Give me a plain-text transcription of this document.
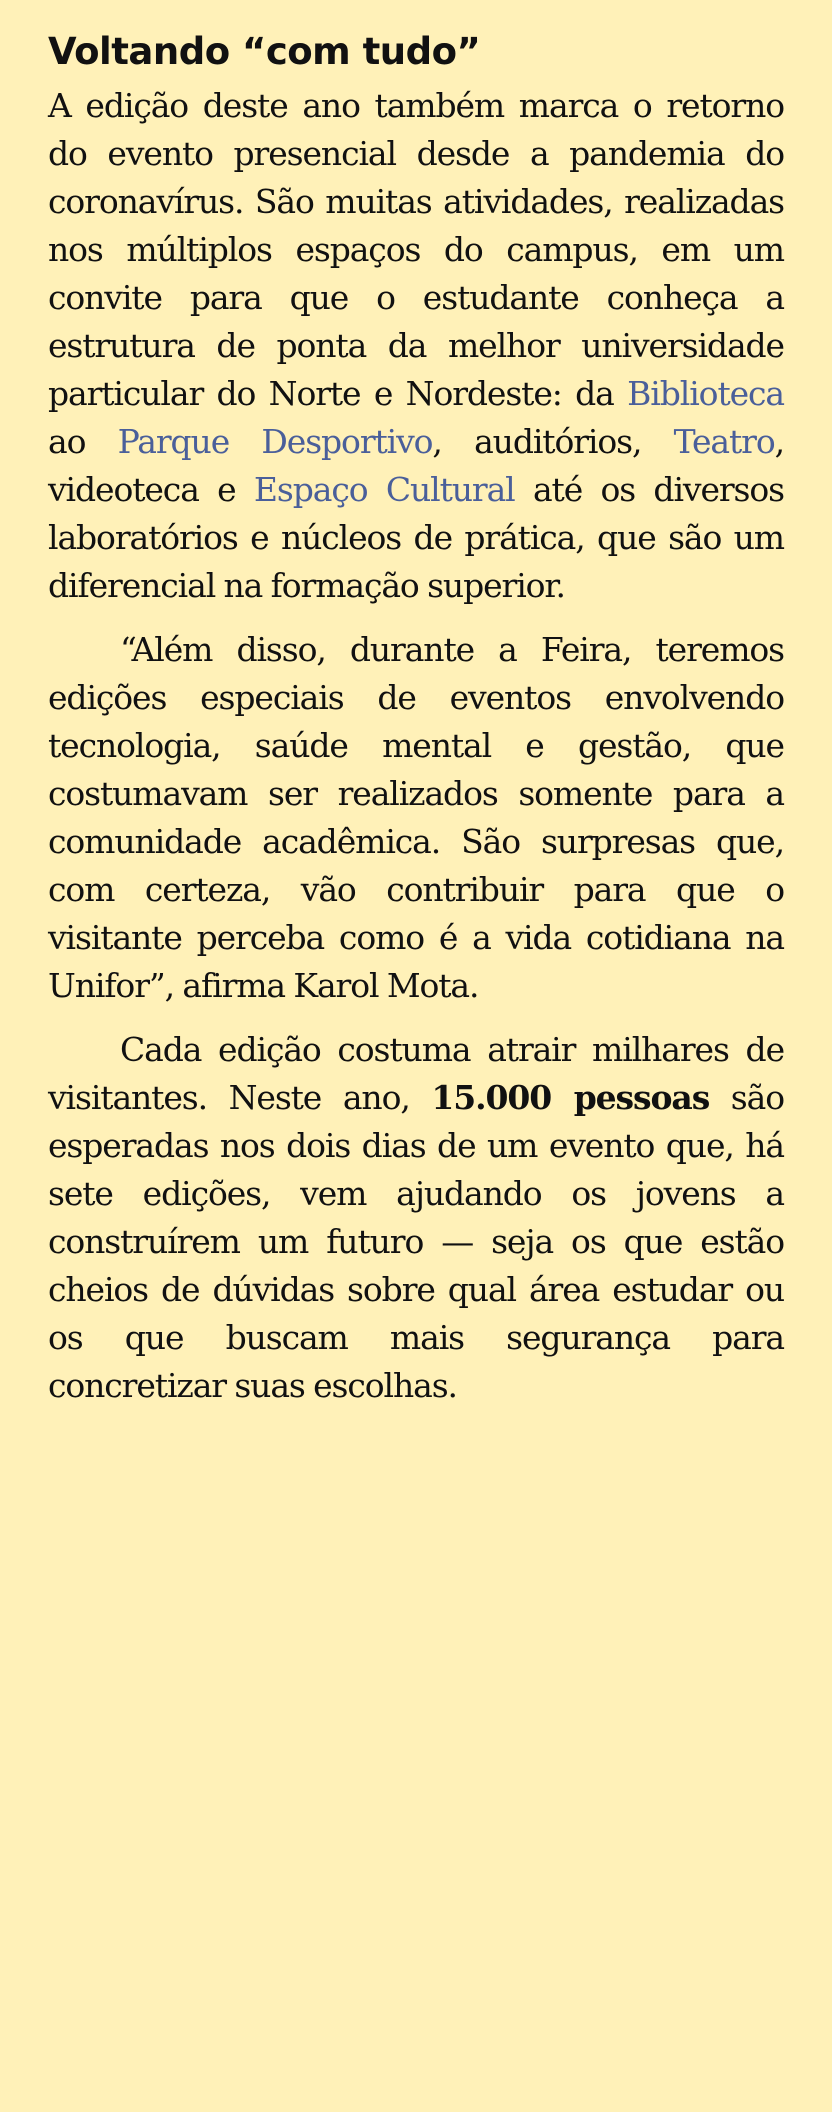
Voltando “com tudo”

A edição deste ano também marca o retorno do evento presencial desde a pandemia do coronavírus. São muitas atividades, realizadas nos múltiplos espaços do campus, em um convite para que o estudante conheça a estrutura de ponta da melhor universidade particular do Norte e Nordeste: da Biblioteca ao Parque Desportivo, auditórios, Teatro, videoteca e Espaço Cultural até os diversos laboratórios e núcleos de prática, que são um diferencial na formação superior.

“Além disso, durante a Feira, teremos edições especiais de eventos envolvendo tecnologia, saúde mental e gestão, que costumavam ser realizados somente para a comunidade acadêmica. São surpresas que, com certeza, vão contribuir para que o visitante perceba como é a vida cotidiana na Unifor”, afirma Karol Mota.

Cada edição costuma atrair milhares de visitantes. Neste ano, 15.000 pessoas são esperadas nos dois dias de um evento que, há sete edições, vem ajudando os jovens a construírem um futuro — seja os que estão cheios de dúvidas sobre qual área estudar ou os que buscam mais segurança para concretizar suas escolhas.
